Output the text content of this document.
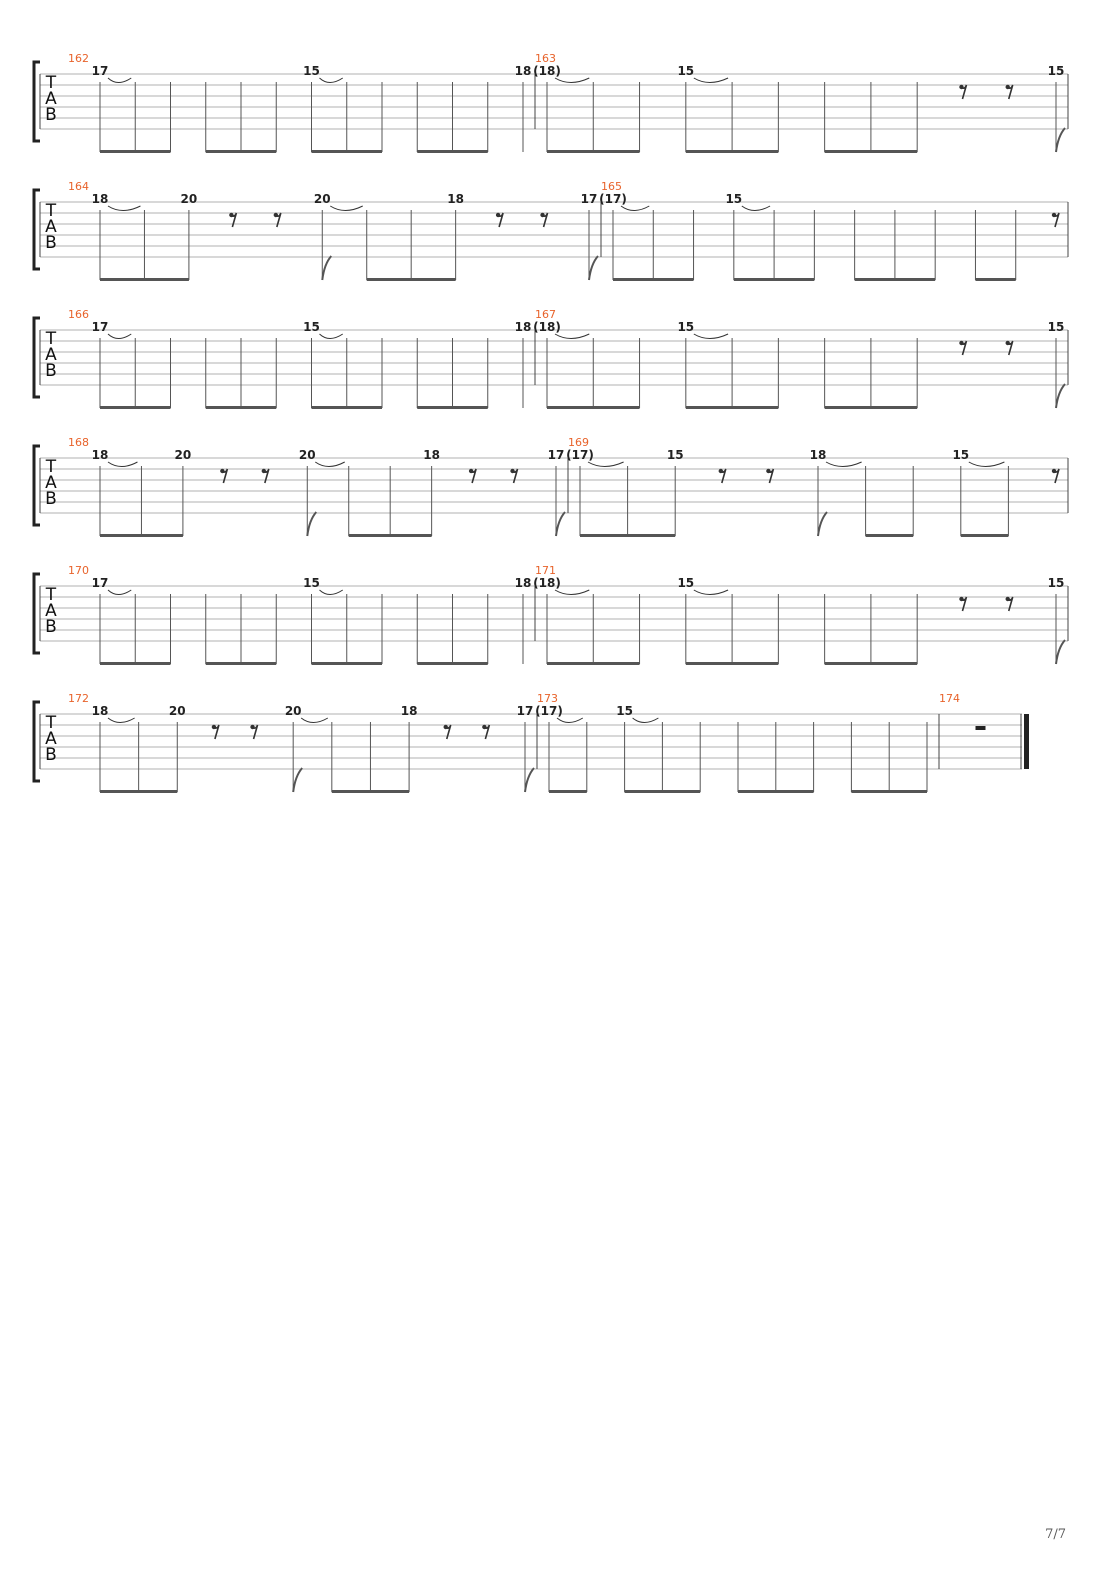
T
A
B
162
17	15	18
163
(18)	15	15
T
A
B
164
18	20	20	18	17
165
(17)	15
T
A
B
166
17	15	18
167
(18)	15	15
T
A
B
168
18	20	20	18	17
169
(17)	15	18	15
T
A
B
170
17	15	18
171
(18)	15	15
T
A
B
172
18	20	20	18	17
173
(17)	15
174
7/7
